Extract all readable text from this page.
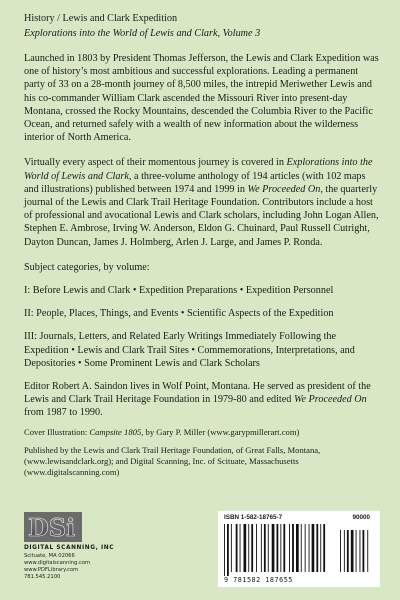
History / Lewis and Clark Expedition
Explorations into the World of Lewis and Clark, Volume 3

Launched in 1803 by President Thomas Jefferson, the Lewis and Clark Expedition was one of history’s most ambitious and successful explorations. Leading a permanent party of 33 on a 28-month journey of 8,500 miles, the intrepid Meriwether Lewis and his co-commander William Clark ascended the Missouri River into present-day Montana, crossed the Rocky Mountains, descended the Columbia River to the Pacific Ocean, and returned safely with a wealth of new information about the wilderness interior of North America.

Virtually every aspect of their momentous journey is covered in Explorations into the World of Lewis and Clark, a three-volume anthology of 194 articles (with 102 maps and illustrations) published between 1974 and 1999 in We Proceeded On, the quarterly journal of the Lewis and Clark Trail Heritage Foundation. Contributors include a host of professional and avocational Lewis and Clark scholars, including John Logan Allen, Stephen E. Ambrose, Irving W. Anderson, Eldon G. Chuinard, Paul Russell Cutright, Dayton Duncan, James J. Holmberg, Arlen J. Large, and James P. Ronda.

Subject categories, by volume:

I: Before Lewis and Clark • Expedition Preparations • Expedition Personnel

II: People, Places, Things, and Events • Scientific Aspects of the Expedition

III: Journals, Letters, and Related Early Writings Immediately Following the Expedition • Lewis and Clark Trail Sites • Commemorations, Interpretations, and Depositories • Some Prominent Lewis and Clark Scholars

Editor Robert A. Saindon lives in Wolf Point, Montana. He served as president of the Lewis and Clark Trail Heritage Foundation in 1979-80 and edited We Proceeded On from 1987 to 1990.

Cover Illustration: Campsite 1805, by Gary P. Miller (www.garypmillerart.com)

Published by the Lewis and Clark Trail Heritage Foundation, of Great Falls, Montana, (www.lewisandclark.org); and Digital Scanning, Inc. of Scituate, Massachusetts (www.digitalscanning.com)

DSi
DIGITAL SCANNING, INC
Scituate, MA 02066
www.digitalscanning.com
www.PDFLibrary.com
781.545.2100
ISBN 1-582-18765-7	90000
9 781582 187655
